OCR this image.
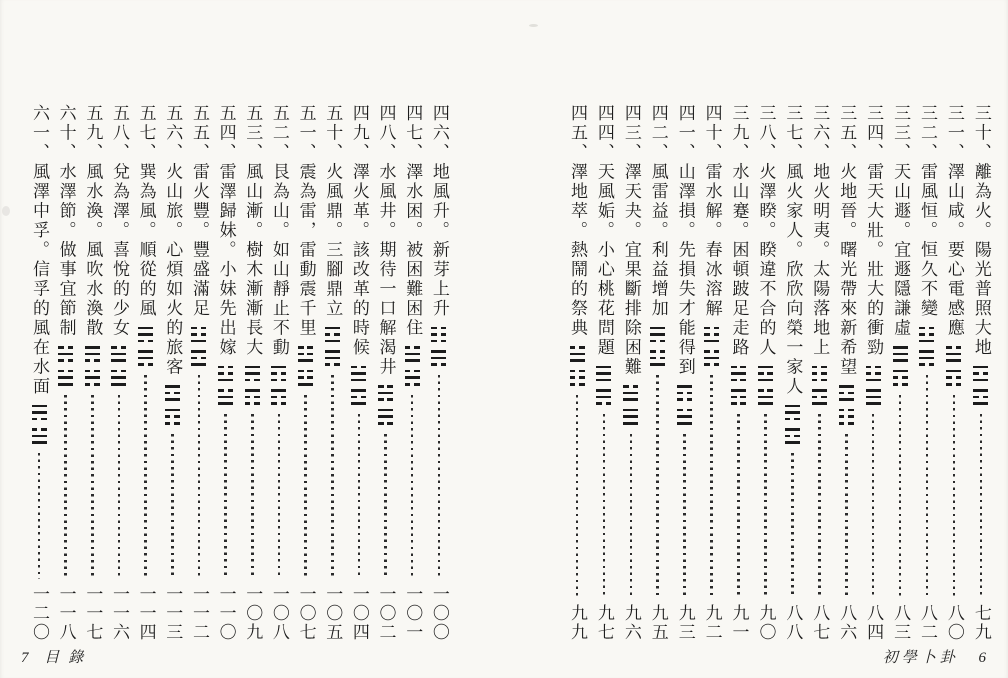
四六、地風升。新芽上升
一〇〇
四七、澤水困。被困難困住
一〇一
四八、水風井。期待一口解渴井
一〇二
四九、澤火革。該改革的時候
一〇四
五十、火風鼎。三腳鼎立
一〇五
五一、震為雷，雷動震千里
一〇七
五二、艮為山。如山靜止不動
一〇八
五三、風山漸。樹木漸漸長大
一〇九
五四、雷澤歸妹。小妹先出嫁
一一〇
五五、雷火豐。豐盛滿足
一一二
五六、火山旅。心煩如火的旅客
一一三
五七、巽為風。順從的風
一一四
五八、兌為澤。喜悅的少女
一一六
五九、風水渙。風吹水渙散
一一七
六十、水澤節。做事宜節制
一一八
六一、風澤中孚。信孚的風在水面
一二〇
7 目錄
三十、離為火。陽光普照大地
七九
三一、澤山咸。要心電感應
八〇
三二、雷風恒。恒久不變
八二
三三、天山遯。宜遯隱謙虛
八三
三四、雷天大壯。壯大的衝勁
八四
三五、火地晉。曙光帶來新希望
八六
三六、地火明夷。太陽落地上
八七
三七、風火家人。欣欣向榮一家人
八八
三八、火澤睽。睽違不合的人
九〇
三九、水山蹇。困頓跛足走路
九一
四十、雷水解。春冰溶解
九二
四一、山澤損。先損失才能得到
九三
四二、風雷益。利益增加
九五
四三、澤天夬。宜果斷排除困難
九六
四四、天風姤。小心桃花問題
九七
四五、澤地萃。熱鬧的祭典
九九
初學卜卦 6
